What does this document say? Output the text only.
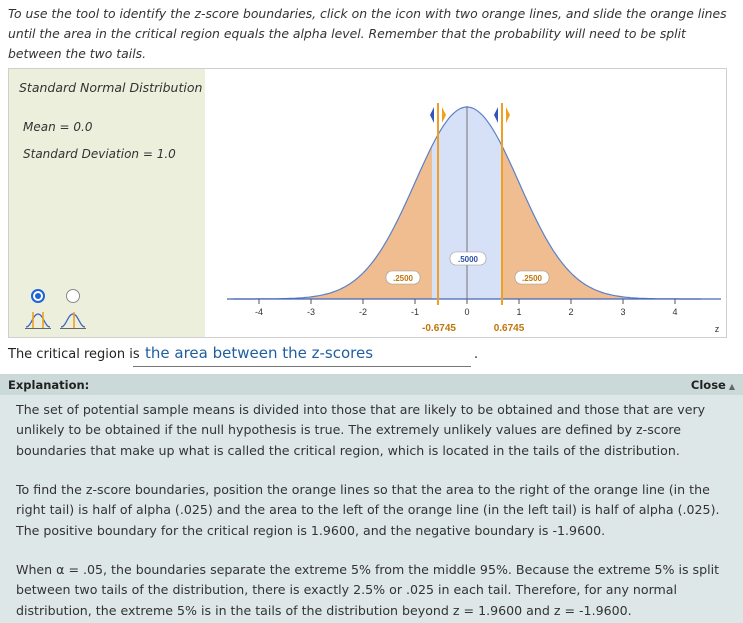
To use the tool to identify the z-score boundaries, click on the icon with two orange lines, and slide the orange lines until the area in the critical region equals the alpha level. Remember that the probability will need to be split between the two tails.
Standard Normal Distribution
Mean = 0.0
Standard Deviation = 1.0
-4	-3	-2	-1	0	1	2	3	4
.2500
.5000
.2500
-0.6745	0.6745	z
The critical region is the area between the z-scores	.
Explanation:	Close ▲
The set of potential sample means is divided into those that are likely to be obtained and those that are very unlikely to be obtained if the null hypothesis is true. The extremely unlikely values are defined by z-score boundaries that make up what is called the critical region, which is located in the tails of the distribution.
To find the z-score boundaries, position the orange lines so that the area to the right of the orange line (in the right tail) is half of alpha (.025) and the area to the left of the orange line (in the left tail) is half of alpha (.025). The positive boundary for the critical region is 1.9600, and the negative boundary is -1.9600.
When α = .05, the boundaries separate the extreme 5% from the middle 95%. Because the extreme 5% is split between two tails of the distribution, there is exactly 2.5% or .025 in each tail. Therefore, for any normal distribution, the extreme 5% is in the tails of the distribution beyond z = 1.9600 and z = -1.9600.
